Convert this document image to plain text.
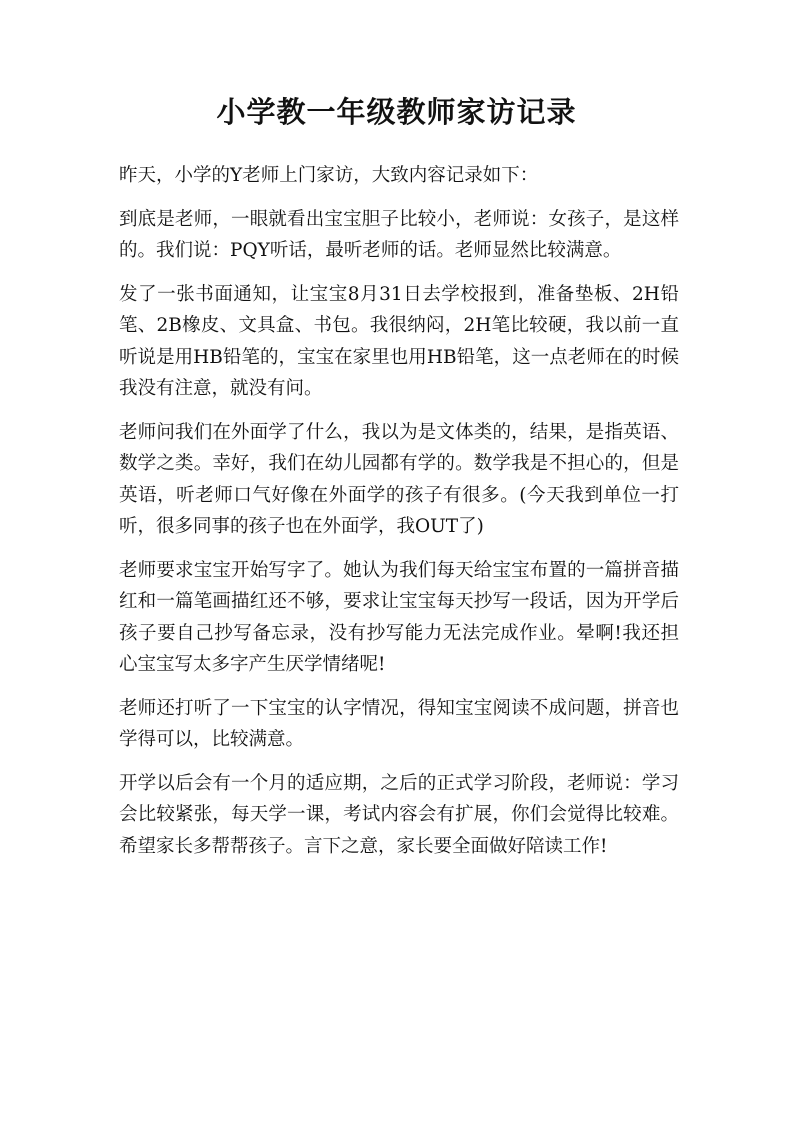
小学教一年级教师家访记录

昨天，小学的Y老师上门家访，大致内容记录如下：

到底是老师，一眼就看出宝宝胆子比较小，老师说：女孩子，是这样的。我们说：PQY听话，最听老师的话。老师显然比较满意。

发了一张书面通知，让宝宝8月31日去学校报到，准备垫板、2H铅笔、2B橡皮、文具盒、书包。我很纳闷，2H笔比较硬，我以前一直听说是用HB铅笔的，宝宝在家里也用HB铅笔，这一点老师在的时候我没有注意，就没有问。

老师问我们在外面学了什么，我以为是文体类的，结果，是指英语、数学之类。幸好，我们在幼儿园都有学的。数学我是不担心的，但是英语，听老师口气好像在外面学的孩子有很多。(今天我到单位一打听，很多同事的孩子也在外面学，我OUT了)

老师要求宝宝开始写字了。她认为我们每天给宝宝布置的一篇拼音描红和一篇笔画描红还不够，要求让宝宝每天抄写一段话，因为开学后孩子要自己抄写备忘录，没有抄写能力无法完成作业。晕啊!我还担心宝宝写太多字产生厌学情绪呢!

老师还打听了一下宝宝的认字情况，得知宝宝阅读不成问题，拼音也学得可以，比较满意。

开学以后会有一个月的适应期，之后的正式学习阶段，老师说：学习会比较紧张，每天学一课，考试内容会有扩展，你们会觉得比较难。希望家长多帮帮孩子。言下之意，家长要全面做好陪读工作!
